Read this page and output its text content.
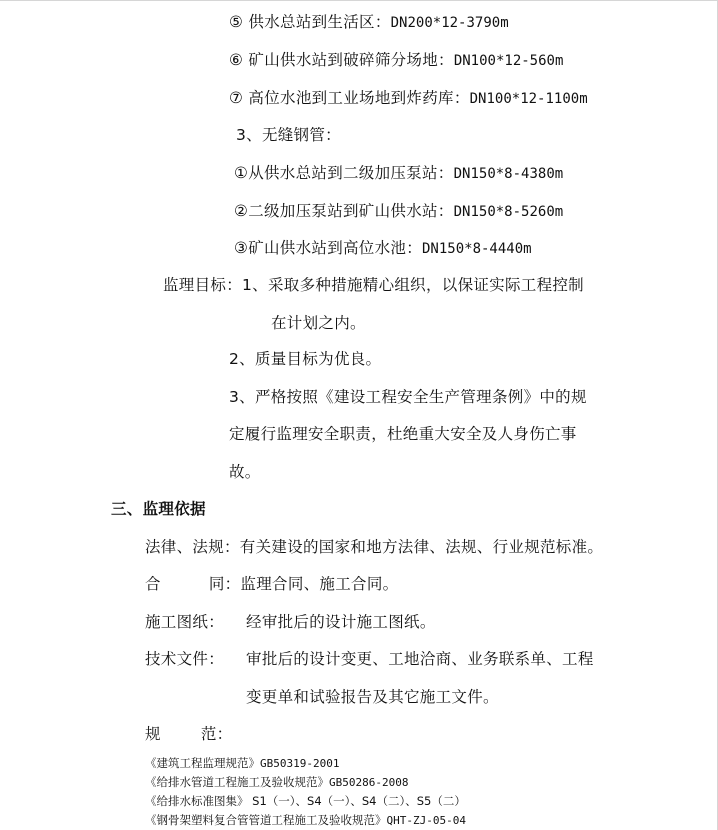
⑤ 供水总站到生活区：DN200*12-3790m
⑥ 矿山供水站到破碎筛分场地：DN100*12-560m
⑦ 高位水池到工业场地到炸药库：DN100*12-1100m
3、无缝钢管：
①从供水总站到二级加压泵站：DN150*8-4380m
②二级加压泵站到矿山供水站：DN150*8-5260m
③矿山供水站到高位水池：DN150*8-4440m
监理目标：1、采取多种措施精心组织，以保证实际工程控制
在计划之内。
2、质量目标为优良。
3、严格按照《建设工程安全生产管理条例》中的规
定履行监理安全职责，杜绝重大安全及人身伤亡事
故。
三、监理依据
法律、法规：有关建设的国家和地方法律、法规、行业规范标准。
合	同：监理合同、施工合同。
施工图纸： 经审批后的设计施工图纸。
技术文件： 审批后的设计变更、工地洽商、业务联系单、工程
变更单和试验报告及其它施工文件。
规	范：
《建筑工程监理规范》GB50319-2001
《给排水管道工程施工及验收规范》GB50286-2008
《给排水标准图集》 S1（一）、S4（一）、S4（二）、S5（二）
《钢骨架塑料复合管管道工程施工及验收规范》QHT-ZJ-05-04
